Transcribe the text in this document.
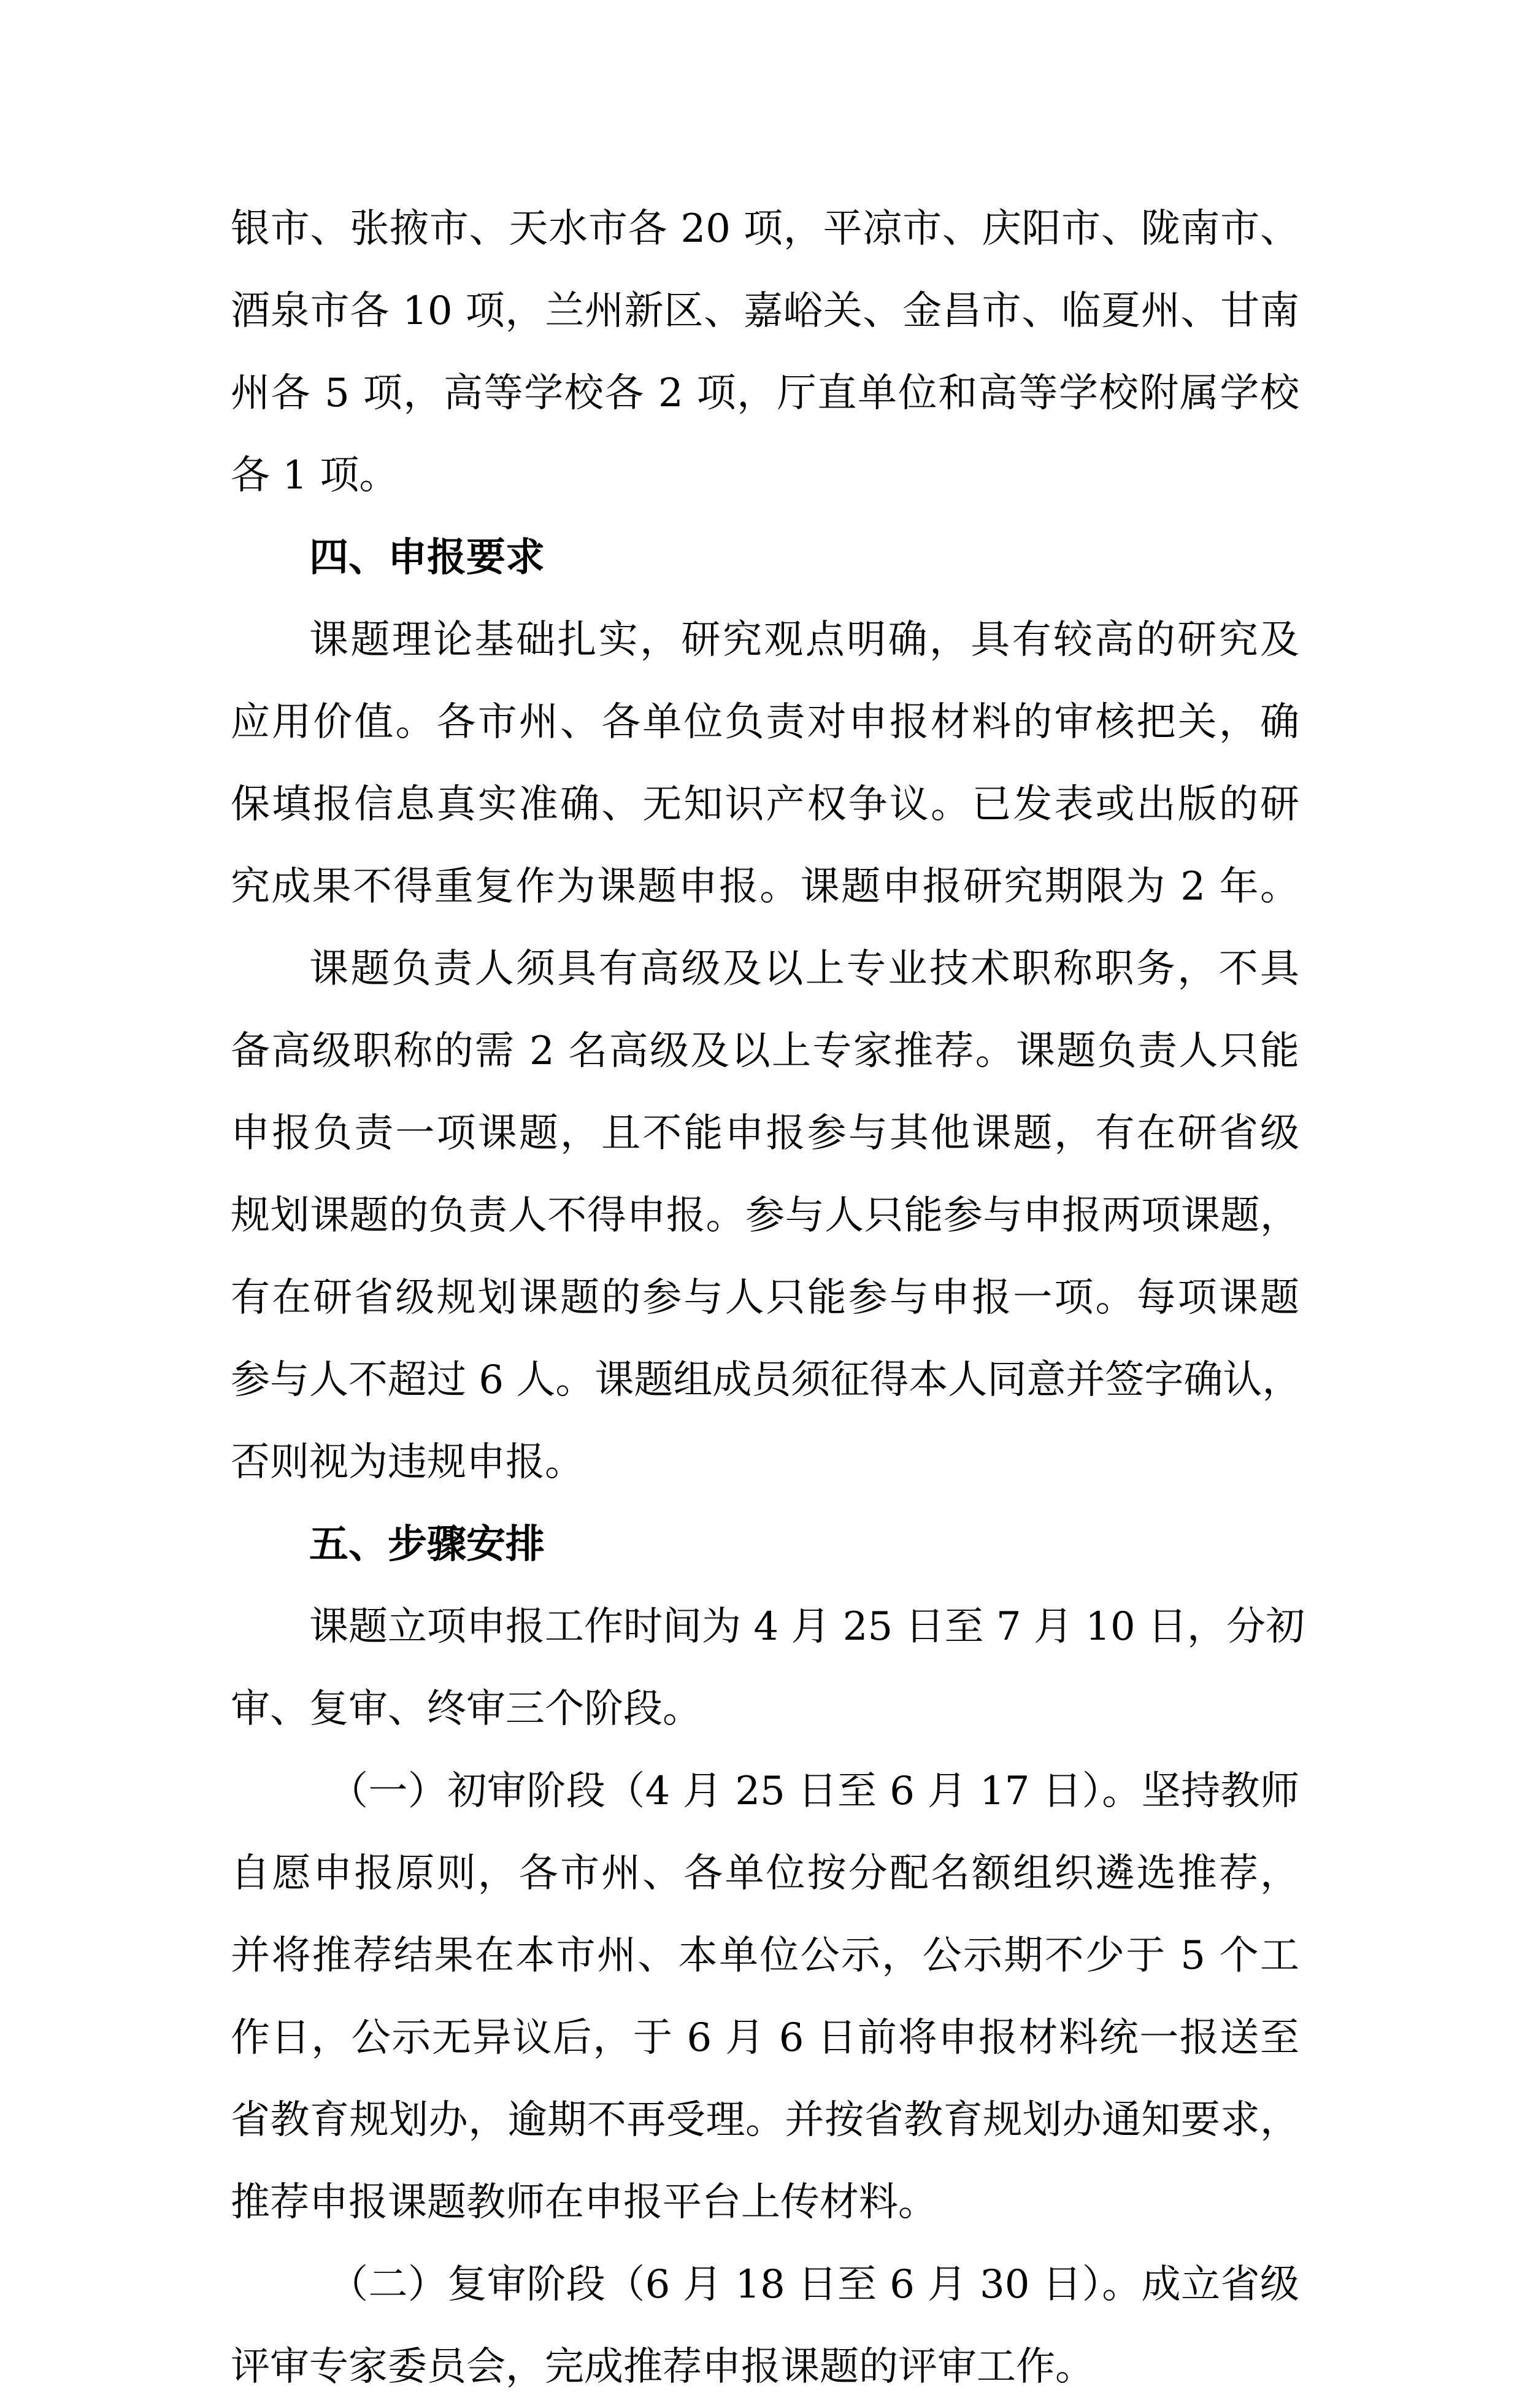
银市、张掖市、天水市各 20 项，平凉市、庆阳市、陇南市、
酒泉市各 10 项，兰州新区、嘉峪关、金昌市、临夏州、甘南
州各 5 项，高等学校各 2 项，厅直单位和高等学校附属学校
各 1 项。
四、申报要求
课题理论基础扎实，研究观点明确，具有较高的研究及
应用价值。各市州、各单位负责对申报材料的审核把关，确
保填报信息真实准确、无知识产权争议。已发表或出版的研
究成果不得重复作为课题申报。课题申报研究期限为 2 年。
课题负责人须具有高级及以上专业技术职称职务，不具
备高级职称的需 2 名高级及以上专家推荐。课题负责人只能
申报负责一项课题，且不能申报参与其他课题，有在研省级
规划课题的负责人不得申报。参与人只能参与申报两项课题，
有在研省级规划课题的参与人只能参与申报一项。每项课题
参与人不超过 6 人。课题组成员须征得本人同意并签字确认，
否则视为违规申报。
五、步骤安排
课题立项申报工作时间为 4 月 25 日至 7 月 10 日，分初
审、复审、终审三个阶段。
（一）初审阶段（4 月 25 日至 6 月 17 日）。坚持教师
自愿申报原则，各市州、各单位按分配名额组织遴选推荐，
并将推荐结果在本市州、本单位公示，公示期不少于 5 个工
作日，公示无异议后，于 6 月 6 日前将申报材料统一报送至
省教育规划办，逾期不再受理。并按省教育规划办通知要求，
推荐申报课题教师在申报平台上传材料。
（二）复审阶段（6 月 18 日至 6 月 30 日）。成立省级
评审专家委员会，完成推荐申报课题的评审工作。
